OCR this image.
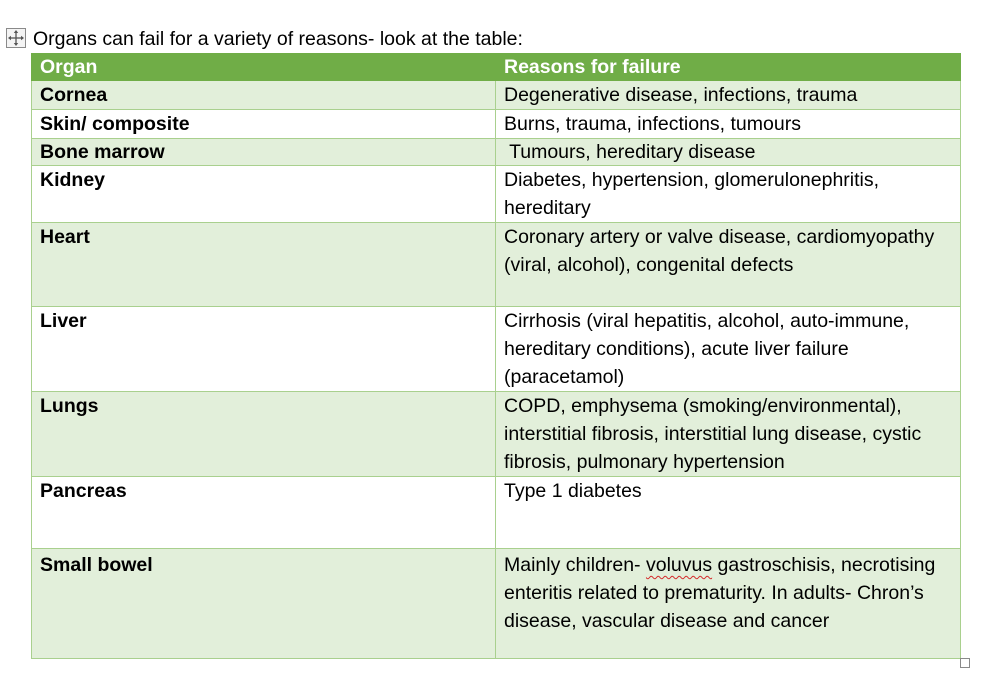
Organs can fail for a variety of reasons- look at the table:
Organ	Reasons for failure
Cornea	Degenerative disease, infections, trauma
Skin/ composite	Burns, trauma, infections, tumours
Bone marrow	Tumours, hereditary disease
Kidney	Diabetes, hypertension, glomerulonephritis, hereditary
Heart	Coronary artery or valve disease, cardiomyopathy (viral, alcohol), congenital defects
Liver	Cirrhosis (viral hepatitis, alcohol, auto-immune, hereditary conditions), acute liver failure (paracetamol)
Lungs	COPD, emphysema (smoking/environmental), interstitial fibrosis, interstitial lung disease, cystic fibrosis, pulmonary hypertension
Pancreas	Type 1 diabetes
Small bowel	Mainly children- voluvus gastroschisis, necrotising enteritis related to prematurity. In adults- Chron’s disease, vascular disease and cancer
